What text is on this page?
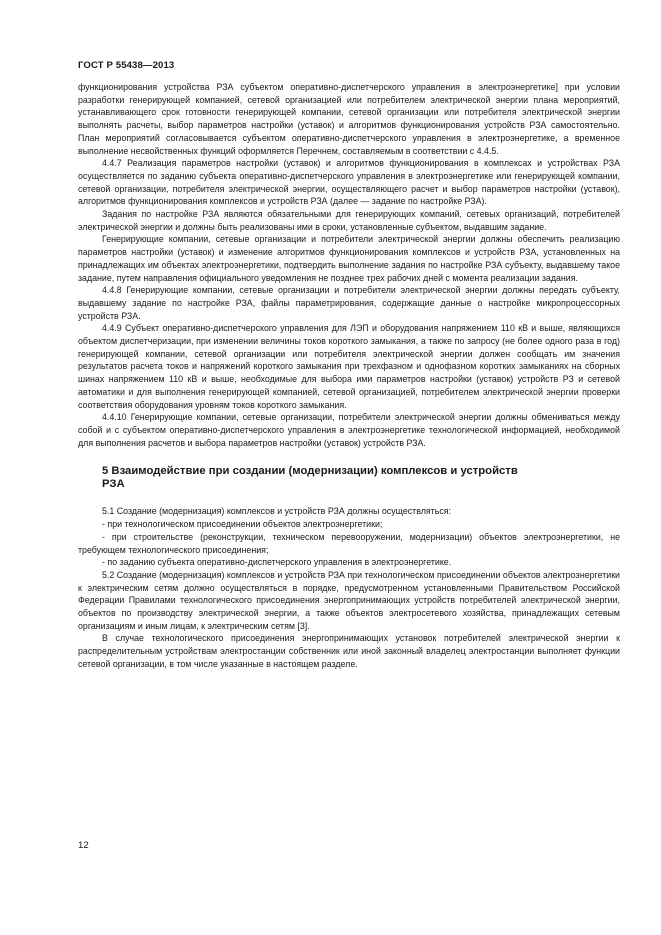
ГОСТ Р 55438—2013

функционирования устройства РЗА субъектом оперативно-диспетчерского управления в электроэнергетике] при условии разработки генерирующей компанией, сетевой организацией или потребителем электрической энергии плана мероприятий, устанавливающего срок готовности генерирующей компании, сетевой организации или потребителя электрической энергии выполнять расчеты, выбор параметров настройки (уставок) и алгоритмов функционирования устройств РЗА самостоятельно. План мероприятий согласовывается субъектом оперативно-диспетчерского управления в электроэнергетике, а временное выполнение несвойственных функций оформляется Перечнем, составляемым в соответствии с 4.4.5.

4.4.7 Реализация параметров настройки (уставок) и алгоритмов функционирования в комплексах и устройствах РЗА осуществляется по заданию субъекта оперативно-диспетчерского управления в электроэнергетике или генерирующей компании, сетевой организации, потребителя электрической энергии, осуществляющего расчет и выбор параметров настройки (уставок), алгоритмов функционирования комплексов и устройств РЗА (далее — задание по настройке РЗА).

Задания по настройке РЗА являются обязательными для генерирующих компаний, сетевых организаций, потребителей электрической энергии и должны быть реализованы ими в сроки, установленные субъектом, выдавшим задание.

Генерирующие компании, сетевые организации и потребители электрической энергии должны обеспечить реализацию параметров настройки (уставок) и изменение алгоритмов функционирования комплексов и устройств РЗА, установленных на принадлежащих им объектах электроэнергетики, подтвердить выполнение задания по настройке РЗА субъекту, выдавшему такое задание, путем направления официального уведомления не позднее трех рабочих дней с момента реализации задания.

4.4.8 Генерирующие компании, сетевые организации и потребители электрической энергии должны передать субъекту, выдавшему задание по настройке РЗА, файлы параметрирования, содержащие данные о настройке микропроцессорных устройств РЗА.

4.4.9 Субъект оперативно-диспетчерского управления для ЛЭП и оборудования напряжением 110 кВ и выше, являющихся объектом диспетчеризации, при изменении величины токов короткого замыкания, а также по запросу (не более одного раза в год) генерирующей компании, сетевой организации или потребителя электрической энергии должен сообщать им значения результатов расчета токов и напряжений короткого замыкания при трехфазном и однофазном коротких замыканиях на сборных шинах напряжением 110 кВ и выше, необходимые для выбора ими параметров настройки (уставок) устройств РЗ и сетевой автоматики и для выполнения генерирующей компанией, сетевой организацией, потребителем электрической энергии проверки соответствия оборудования уровням токов короткого замыкания.

4.4.10 Генерирующие компании, сетевые организации, потребители электрической энергии должны обмениваться между собой и с субъектом оперативно-диспетчерского управления в электроэнергетике технологической информацией, необходимой для выполнения расчетов и выбора параметров настройки (уставок) устройств РЗА.

5 Взаимодействие при создании (модернизации) комплексов и устройств
РЗА

5.1 Создание (модернизация) комплексов и устройств РЗА должны осуществляться:

- при технологическом присоединении объектов электроэнергетики;

- при строительстве (реконструкции, техническом перевооружении, модернизации) объектов электроэнергетики, не требующем технологического присоединения;

- по заданию субъекта оперативно-диспетчерского управления в электроэнергетике.

5.2 Создание (модернизация) комплексов и устройств РЗА при технологическом присоединении объектов электроэнергетики к электрическим сетям должно осуществляться в порядке, предусмотренном установленными Правительством Российской Федерации Правилами технологического присоединения энергопринимающих устройств потребителей электрической энергии, объектов по производству электрической энергии, а также объектов электросетевого хозяйства, принадлежащих сетевым организациям и иным лицам, к электрическим сетям [3].

В случае технологического присоединения энергопринимающих установок потребителей электрической энергии к распределительным устройствам электростанции собственник или иной законный владелец электростанции выполняет функции сетевой организации, в том числе указанные в настоящем разделе.

12
